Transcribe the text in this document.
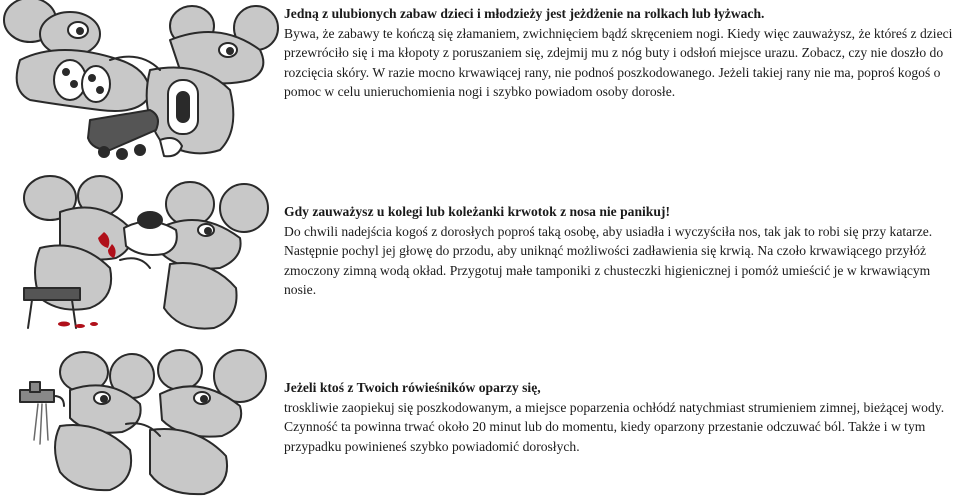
Jedną z ulubionych zabaw dzieci i młodzieży jest jeżdżenie na rolkach lub łyżwach.
Bywa, że zabawy te kończą się złamaniem, zwichnięciem bądź skręceniem nogi. Kiedy więc zauważysz, że któreś z dzieci przewróciło się i ma kłopoty z poruszaniem się, zdejmij mu z nóg buty i odsłoń miejsce urazu. Zobacz, czy nie doszło do rozcięcia skóry. W razie mocno krwawiącej rany, nie podnoś poszkodowanego. Jeżeli takiej rany nie ma, poproś kogoś o pomoc w celu unieruchomienia nogi i szybko powiadom osoby dorosłe.
Gdy zauważysz u kolegi lub koleżanki krwotok z nosa nie panikuj!
Do chwili nadejścia kogoś z dorosłych poproś taką osobę, aby usiadła i wyczyściła nos, tak jak to robi się przy katarze. Następnie pochyl jej głowę do przodu, aby uniknąć możliwości zadławienia się krwią. Na czoło krwawiącego przyłóż zmoczony zimną wodą okład. Przygotuj małe tamponiki z chusteczki higienicznej i pomóż umieścić je w krwawiącym nosie.
Jeżeli ktoś z Twoich rówieśników oparzy się,
troskliwie zaopiekuj się poszkodowanym, a miejsce poparzenia ochłódź natychmiast strumieniem zimnej, bieżącej wody. Czynność ta powinna trwać około 20 minut lub do momentu, kiedy oparzony przestanie odczuwać ból. Także i w tym przypadku powinieneś szybko powiadomić dorosłych.
